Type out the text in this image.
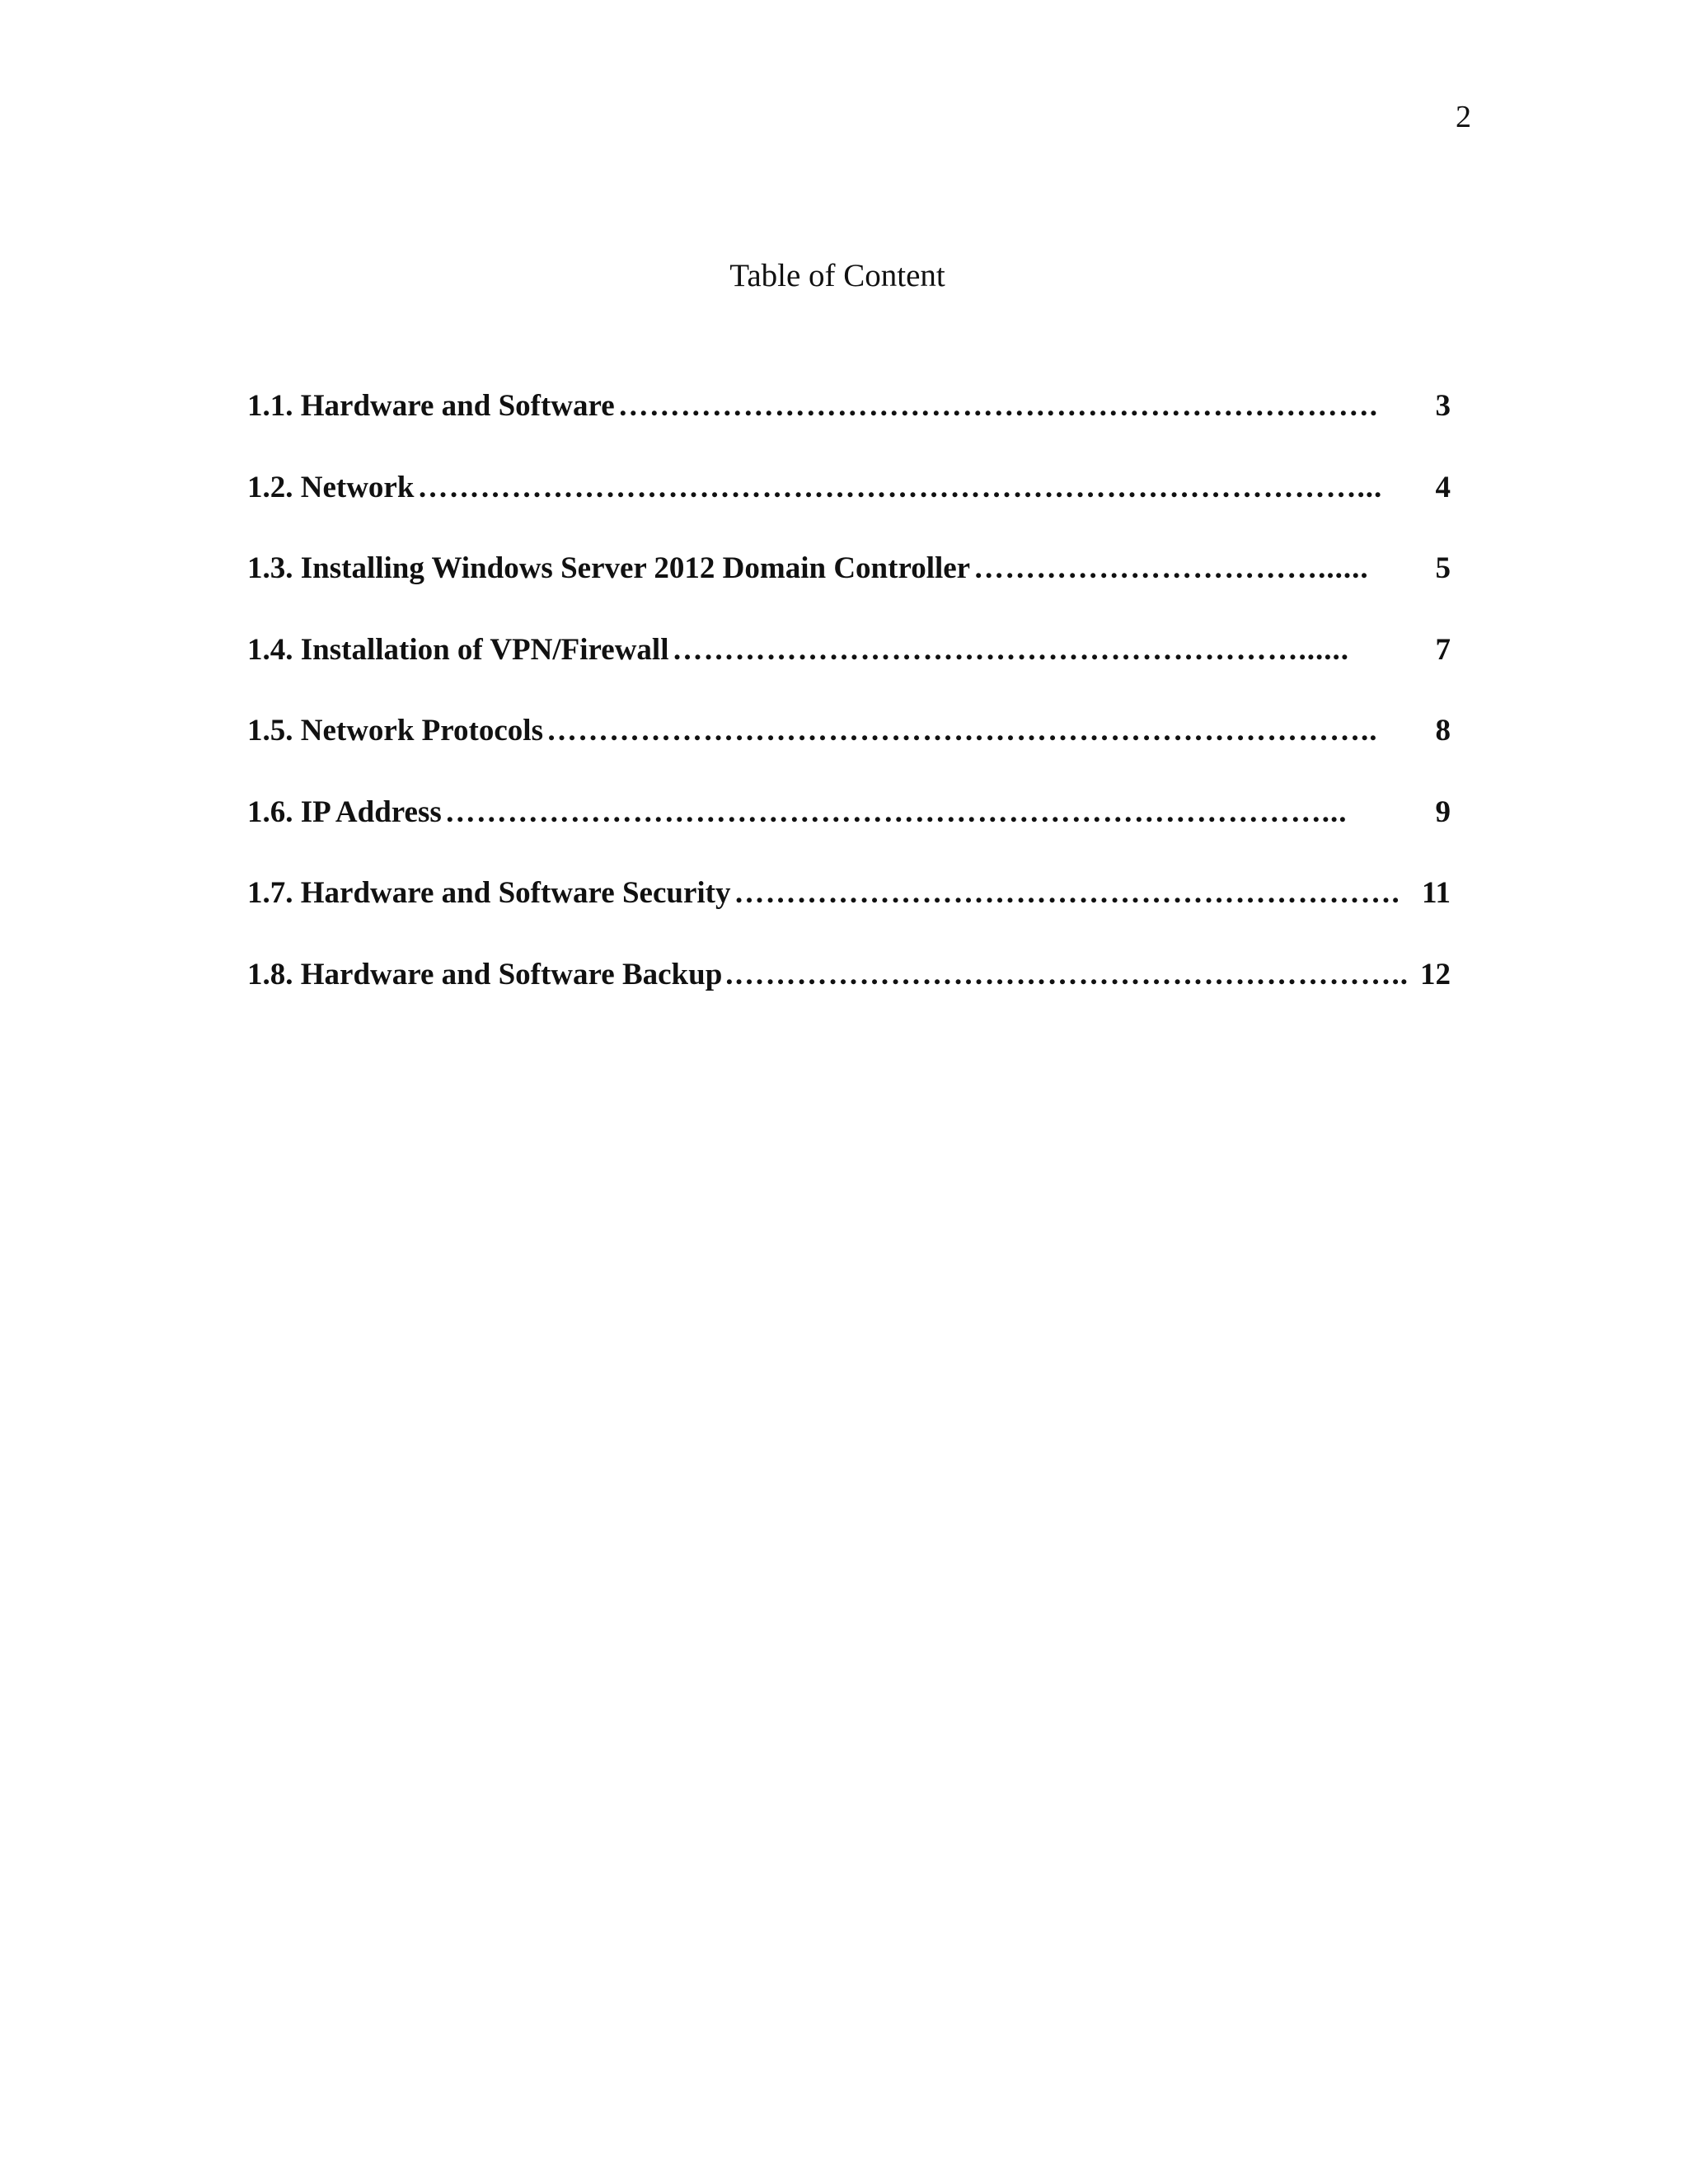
2
Table of Content
1.1. Hardware and Software ……………………………………………………………….	3
1.2. Network ………………………………………………………………………………...	4
1.3. Installing Windows Server 2012 Domain Controller ……………………………......	5
1.4. Installation of VPN/Firewall ……………………………………………………......	7
1.5. Network Protocols ……………………………………………………………………..	8
1.6. IP Address …………………………………………………………………………...	9
1.7. Hardware and Software Security ………………………………………………………. 11
1.8. Hardware and Software Backup .……………………………………………………….. 12
